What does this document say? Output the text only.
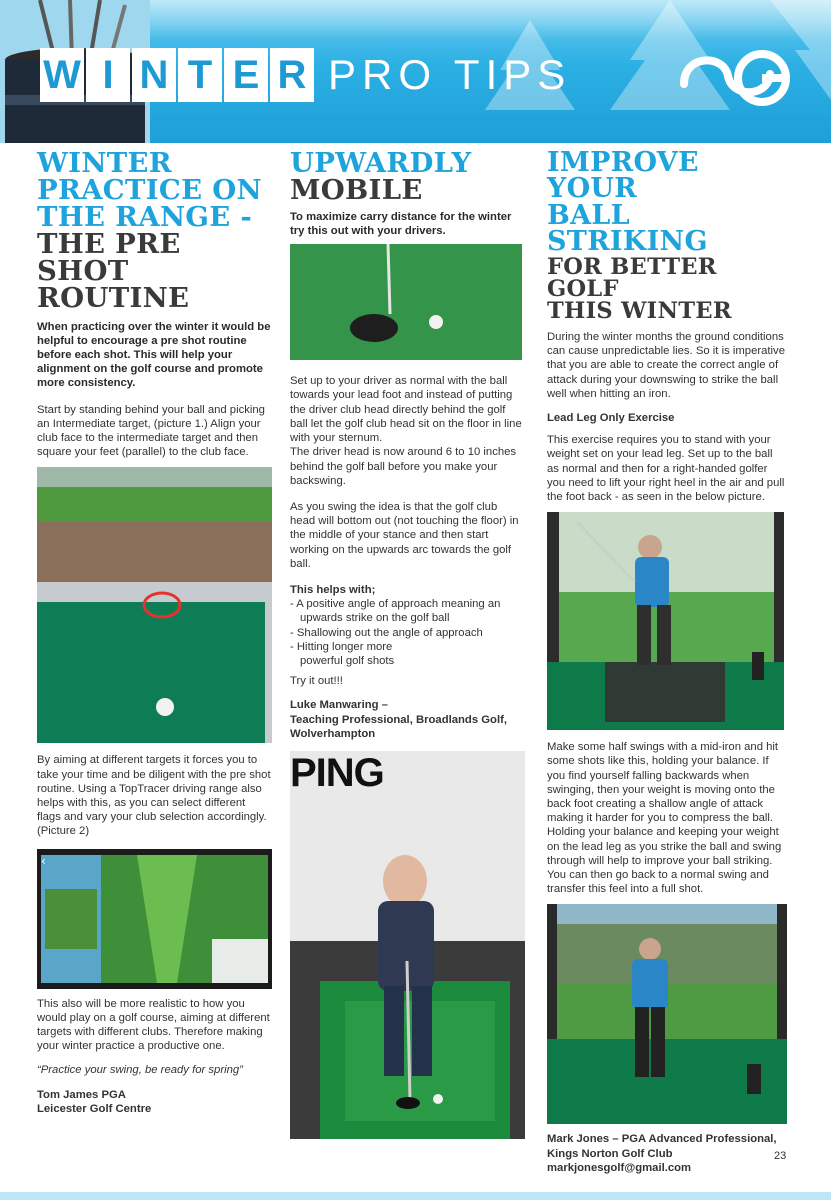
W I N T E R PRO TIPS
WINTER
PRACTICE ON
THE RANGE -
THE PRE SHOT
ROUTINE

When practicing over the winter it would be helpful to encourage a pre shot routine before each shot. This will help your alignment on the golf course and promote more consistency.

Start by standing behind your ball and picking an Intermediate target, (picture 1.) Align your club face to the intermediate target and then square your feet (parallel) to the club face.

By aiming at different targets it forces you to take your time and be diligent with the pre shot routine. Using a TopTracer driving range also helps with this, as you can select different flags and vary your club selection accordingly. (Picture 2)

‹

This also will be more realistic to how you would play on a golf course, aiming at different targets with different clubs. Therefore making your winter practice a productive one.

“Practice your swing, be ready for spring”

Tom James PGA

Leicester Golf Centre

UPWARDLY
MOBILE

To maximize carry distance for the winter try this out with your drivers.

Set up to your driver as normal with the ball towards your lead foot and instead of putting the driver club head directly behind the golf ball let the golf club head sit on the floor in line with your sternum.

The driver head is now around 6 to 10 inches behind the golf ball before you make your backswing.

As you swing the idea is that the golf club head will bottom out (not touching the floor) in the middle of your stance and then start working on the upwards arc towards the golf ball.

This helps with;

- A positive angle of approach meaning an upwards strike on the golf ball
- Shallowing out the angle of approach
- Hitting longer more powerful golf shots

Try it out!!!

Luke Manwaring –

Teaching Professional, Broadlands Golf, Wolverhampton

PING
IMPROVE YOUR
BALL STRIKING
FOR BETTER GOLF
THIS WINTER

During the winter months the ground conditions can cause unpredictable lies. So it is imperative that you are able to create the correct angle of attack during your downswing to strike the ball well when hitting an iron.

Lead Leg Only Exercise

This exercise requires you to stand with your weight set on your lead leg. Set up to the ball as normal and then for a right-handed golfer you need to lift your right heel in the air and pull the foot back - as seen in the below picture.

Make some half swings with a mid-iron and hit some shots like this, holding your balance. If you find yourself falling backwards when swinging, then your weight is moving onto the back foot creating a shallow angle of attack making it harder for you to compress the ball. Holding your balance and keeping your weight on the lead leg as you strike the ball and swing through will help to improve your ball striking. You can then go back to a normal swing and transfer this feel into a full shot.

Mark Jones – PGA Advanced Professional,

Kings Norton Golf Club

markjonesgolf@gmail.com

23
